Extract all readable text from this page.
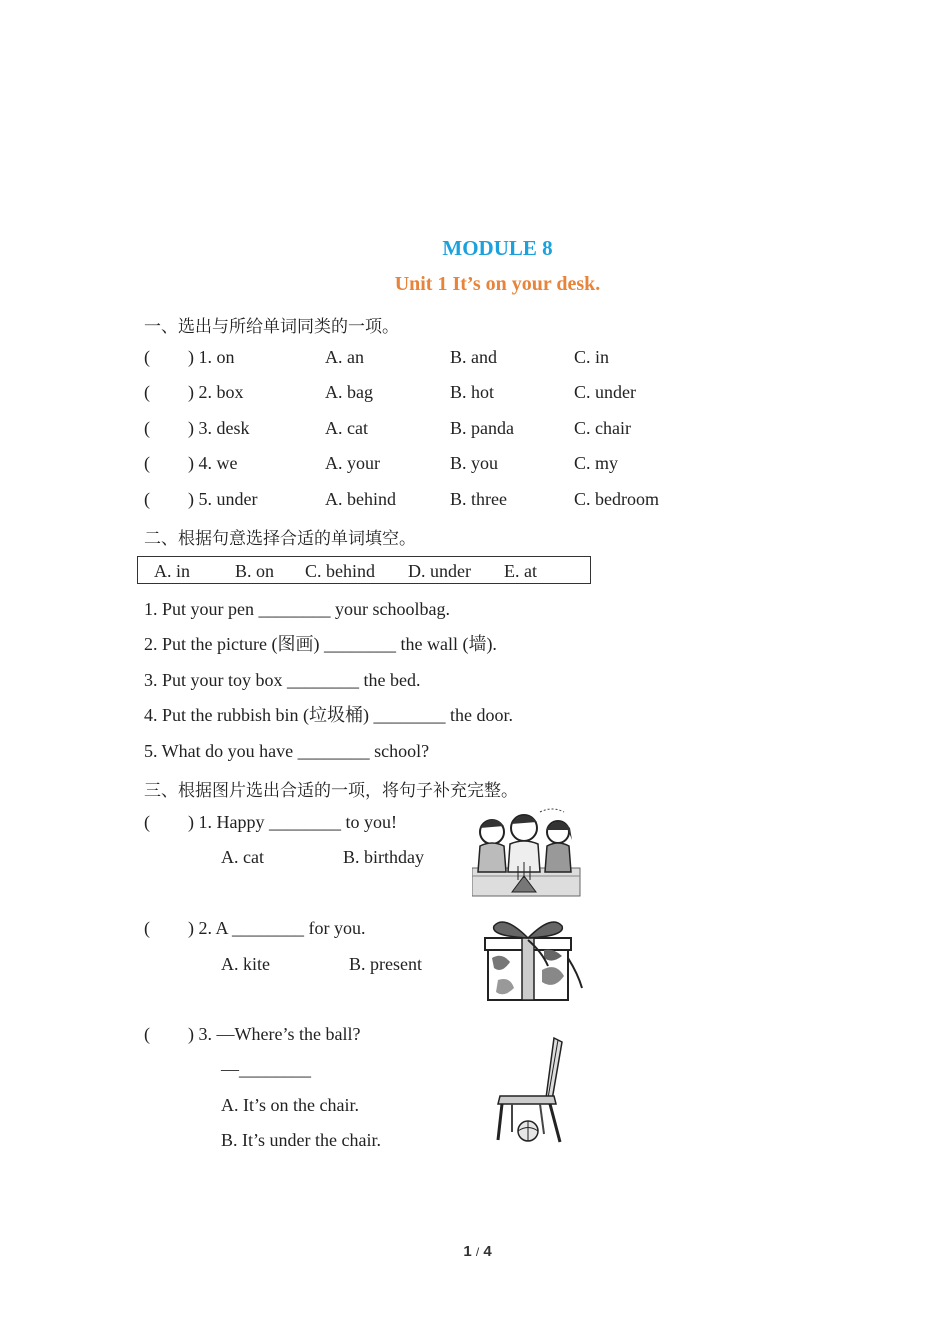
MODULE 8
Unit 1 It’s on your desk.
一、选出与所给单词同类的一项。
( ) 1. on	A. an	B. and	C. in
( ) 2. box	A. bag	B. hot	C. under
( ) 3. desk	A. cat	B. panda	C. chair
( ) 4. we	A. your	B. you	C. my
( ) 5. under	A. behind	B. three	C. bedroom
二、根据句意选择合适的单词填空。
A. in	B. on C. behind D. under E. at
1. Put your pen ________ your schoolbag.
2. Put the picture (图画) ________ the wall (墙).
3. Put your toy box ________ the bed.
4. Put the rubbish bin (垃圾桶) ________ the door.
5. What do you have ________ school?
三、根据图片选出合适的一项，将句子补充完整。
( ) 1. Happy ________ to you!
A. cat	B. birthday
( ) 2. A ________ for you.
A. kite	B. present
( ) 3. —Where’s the ball?
—________
A. It’s on the chair.
B. It’s under the chair.
1 / 4
